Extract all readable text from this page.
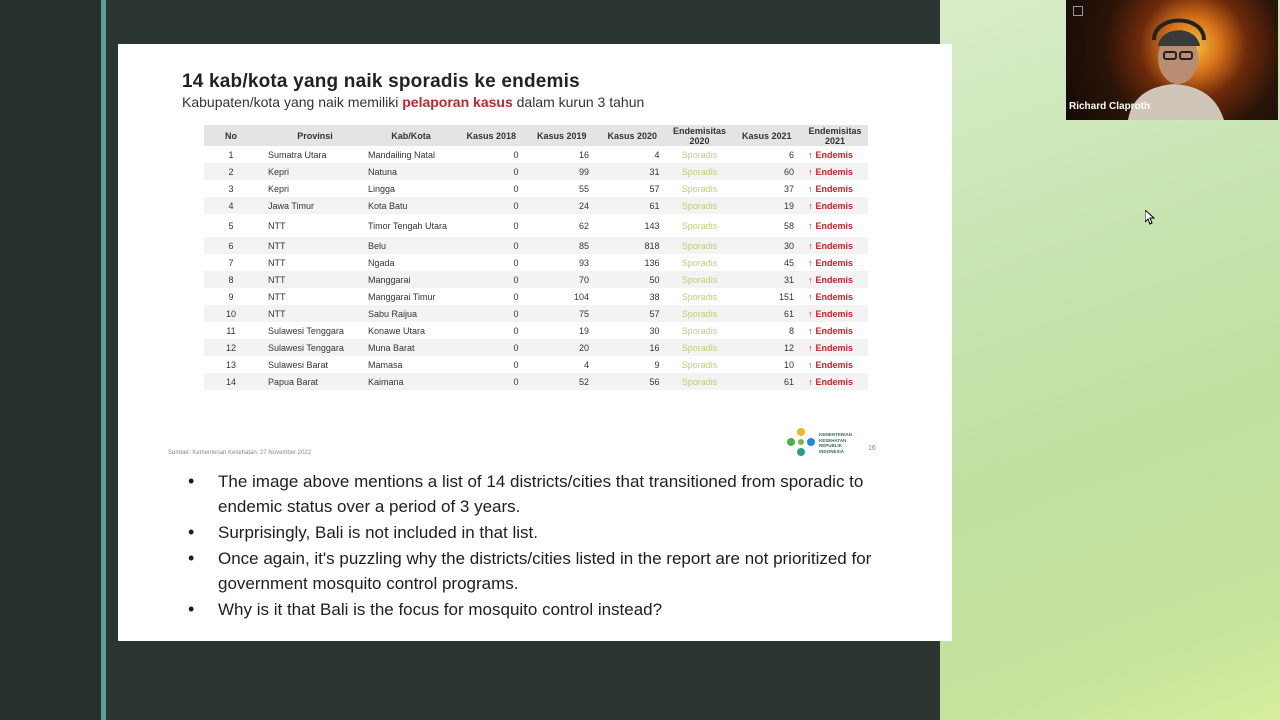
14 kab/kota yang naik sporadis ke endemis
Kabupaten/kota yang naik memiliki pelaporan kasus dalam kurun 3 tahun
No	Provinsi	Kab/Kota	Kasus 2018	Kasus 2019	Kasus 2020	Endemisitas 2020	Kasus 2021	Endemisitas 2021
1	Sumatra Utara	Mandailing Natal	0	16	4	Sporadis	6	↑ Endemis
2	Kepri	Natuna	0	99	31	Sporadis	60	↑ Endemis
3	Kepri	Lingga	0	55	57	Sporadis	37	↑ Endemis
4	Jawa Timur	Kota Batu	0	24	61	Sporadis	19	↑ Endemis
5	NTT	Timor Tengah Utara	0	62	143	Sporadis	58	↑ Endemis
6	NTT	Belu	0	85	818	Sporadis	30	↑ Endemis
7	NTT	Ngada	0	93	136	Sporadis	45	↑ Endemis
8	NTT	Manggarai	0	70	50	Sporadis	31	↑ Endemis
9	NTT	Manggarai Timur	0	104	38	Sporadis	151	↑ Endemis
10	NTT	Sabu Raijua	0	75	57	Sporadis	61	↑ Endemis
11	Sulawesi Tenggara	Konawe Utara	0	19	30	Sporadis	8	↑ Endemis
12	Sulawesi Tenggara	Muna Barat	0	20	16	Sporadis	12	↑ Endemis
13	Sulawesi Barat	Mamasa	0	4	9	Sporadis	10	↑ Endemis
14	Papua Barat	Kaimana	0	52	56	Sporadis	61	↑ Endemis
Sumber: Kementerian Kesehatan, 27 November 2022
KEMENTERIAN KESEHATAN REPUBLIK INDONESIA	16
• The image above mentions a list of 14 districts/cities that transitioned from sporadic to endemic status over a period of 3 years.
• Surprisingly, Bali is not included in that list.
• Once again, it's puzzling why the districts/cities listed in the report are not prioritized for government mosquito control programs.
• Why is it that Bali is the focus for mosquito control instead?
Richard Claproth
